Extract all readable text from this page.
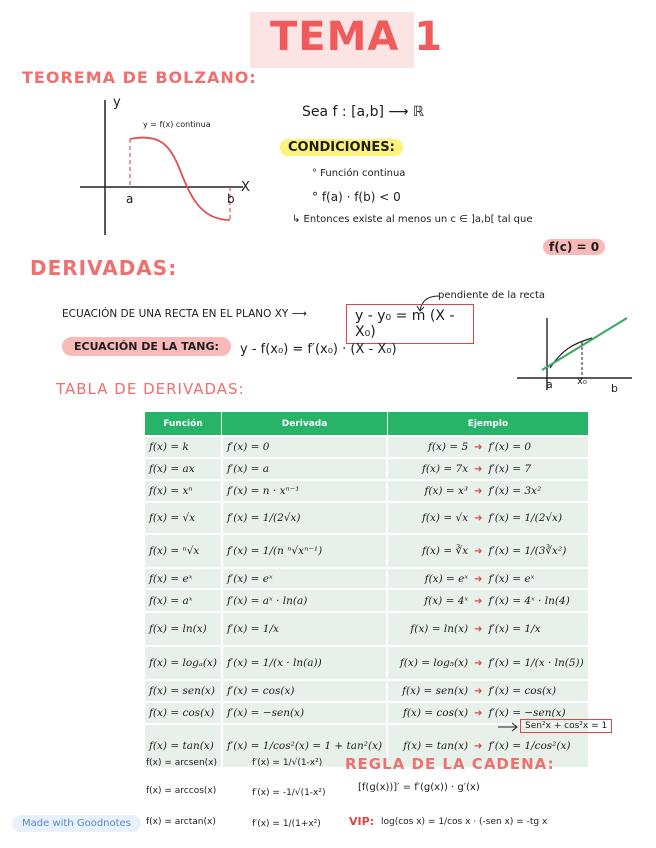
TEMA 1
TEOREMA DE BOLZANO:
y
X
a	b
y = f(x) continua
Sea f : [a,b] ⟶ ℝ
CONDICIONES:
° Función continua
° f(a) · f(b) < 0
↳ Entonces existe al menos un c ∈ ]a,b[ tal que
f(c) = 0
DERIVADAS:
pendiente de la recta
ECUACIÓN DE UNA RECTA EN EL PLANO XY ⟶	y - y₀ = m (X - X₀)
ECUACIÓN DE LA TANG:	y - f(x₀) = f′(x₀) · (X - X₀)
a x₀
b
TABLA DE DERIVADAS:
Función	Derivada	Ejemplo
f(x) = k	f′(x) = 0	f(x) = 5 ➜ f′(x) = 0
f(x) = ax	f′(x) = a	f(x) = 7x ➜ f′(x) = 7
f(x) = xⁿ	f′(x) = n · xⁿ⁻¹	f(x) = x³ ➜ f′(x) = 3x²
f(x) = √x	f′(x) = 1/(2√x)	f(x) = √x ➜ f′(x) = 1/(2√x)
f(x) = ⁿ√x	f′(x) = 1/(n ⁿ√xⁿ⁻¹)	f(x) = ∛x ➜ f′(x) = 1/(3∛x²)
f(x) = eˣ	f′(x) = eˣ	f(x) = eˣ ➜ f′(x) = eˣ
f(x) = aˣ	f′(x) = aˣ · ln(a)	f(x) = 4ˣ ➜ f′(x) = 4ˣ · ln(4)
f(x) = ln(x)	f′(x) = 1/x	f(x) = ln(x) ➜ f′(x) = 1/x
f(x) = logₐ(x)	f′(x) = 1/(x · ln(a))	f(x) = log₅(x) ➜ f′(x) = 1/(x · ln(5))
f(x) = sen(x)	f′(x) = cos(x)	f(x) = sen(x) ➜ f′(x) = cos(x)
f(x) = cos(x)	f′(x) = −sen(x)	f(x) = cos(x) ➜ f′(x) = −sen(x)
f(x) = tan(x)	f′(x) = 1/cos²(x) = 1 + tan²(x)	f(x) = tan(x) ➜ f′(x) = 1/cos²(x)
Sen²x + cos²x = 1
f(x) = arcsen(x)	f′(x) = 1/√(1-x²)
f(x) = arccos(x)	f′(x) = -1/√(1-x²)
f(x) = arctan(x)	f′(x) = 1/(1+x²)
REGLA DE LA CADENA:
[f(g(x))]′ = f′(g(x)) · g′(x)
VIP: log(cos x) = 1/cos x · (-sen x) = -tg x
Made with Goodnotes
